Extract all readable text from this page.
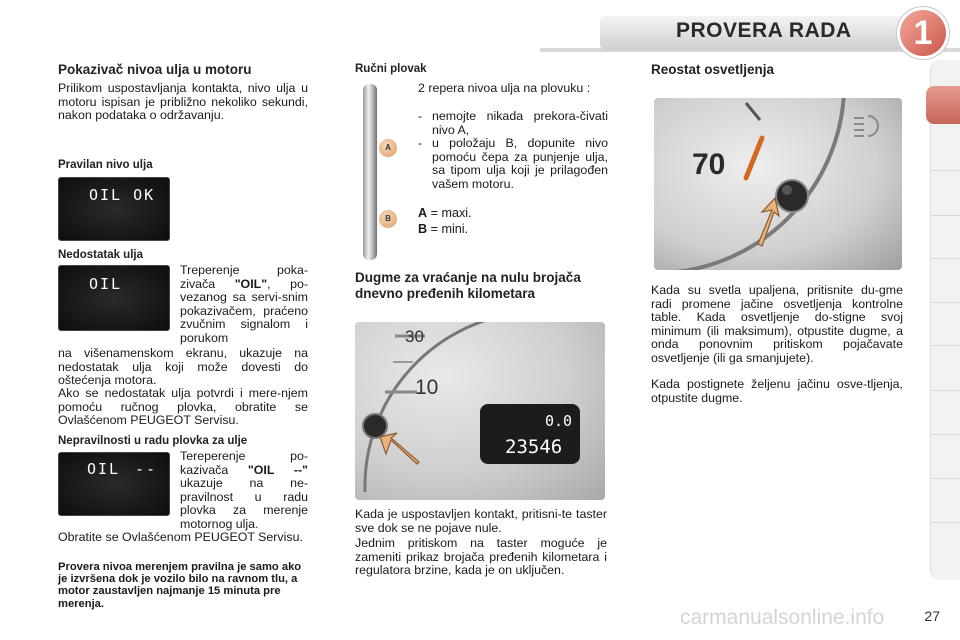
PROVERA RADA	1
Pokazivač nivoa ulja u motoru
Prilikom uspostavljanja kontakta, nivo ulja u motoru ispisan je približno nekoliko sekundi, nakon podataka o održavanju.
Pravilan nivo ulja
OIL OK
Nedostatak ulja
OIL
Treperenje poka-zivača "OIL", po-vezanog sa servi-snim pokazivačem, praćeno zvučnim signalom i porukom
na višenamenskom ekranu, ukazuje na nedostatak ulja koji može dovesti do oštećenja motora.
Ako se nedostatak ulja potvrdi i mere-njem pomoću ručnog plovka, obratite se Ovlašćenom PEUGEOT Servisu.
Nepravilnosti u radu plovka za ulje
OIL --
Tereperenje po-kazivača "OIL --" ukazuje na ne-pravilnost u radu plovka za merenje motornog ulja.
Obratite se Ovlašćenom PEUGEOT Servisu.
Provera nivoa merenjem pravilna je samo ako je izvršena dok je vozilo bilo na ravnom tlu, a motor zaustavljen najmanje 15 minuta pre merenja.
Ručni plovak
A
B
2 repera nivoa ulja na plovuku :
- nemojte nikada prekora-čivati nivo A,
- u položaju B, dopunite nivo pomoću čepa za punjenje ulja, sa tipom ulja koji je prilagođen vašem motoru.
A = maxi.
B = mini.
Dugme za vraćanje na nulu brojača dnevno pređenih kilometara
30
10
0.0
23546
Kada je uspostavljen kontakt, pritisni-te taster sve dok se ne pojave nule.
Jednim pritiskom na taster moguće je zameniti prikaz brojača pređenih kilometara i regulatora brzine, kada je on uključen.
Reostat osvetljenja
70
Kada su svetla upaljena, pritisnite du-gme radi promene jačine osvetljenja kontrolne table. Kada osvetljenje do-stigne svoj minimum (ili maksimum), otpustite dugme, a onda ponovnim pritiskom pojačavate osvetljenje (ili ga smanjujete).
Kada postignete željenu jačinu osve-tljenja, otpustite dugme.
carmanualsonline.info	27
